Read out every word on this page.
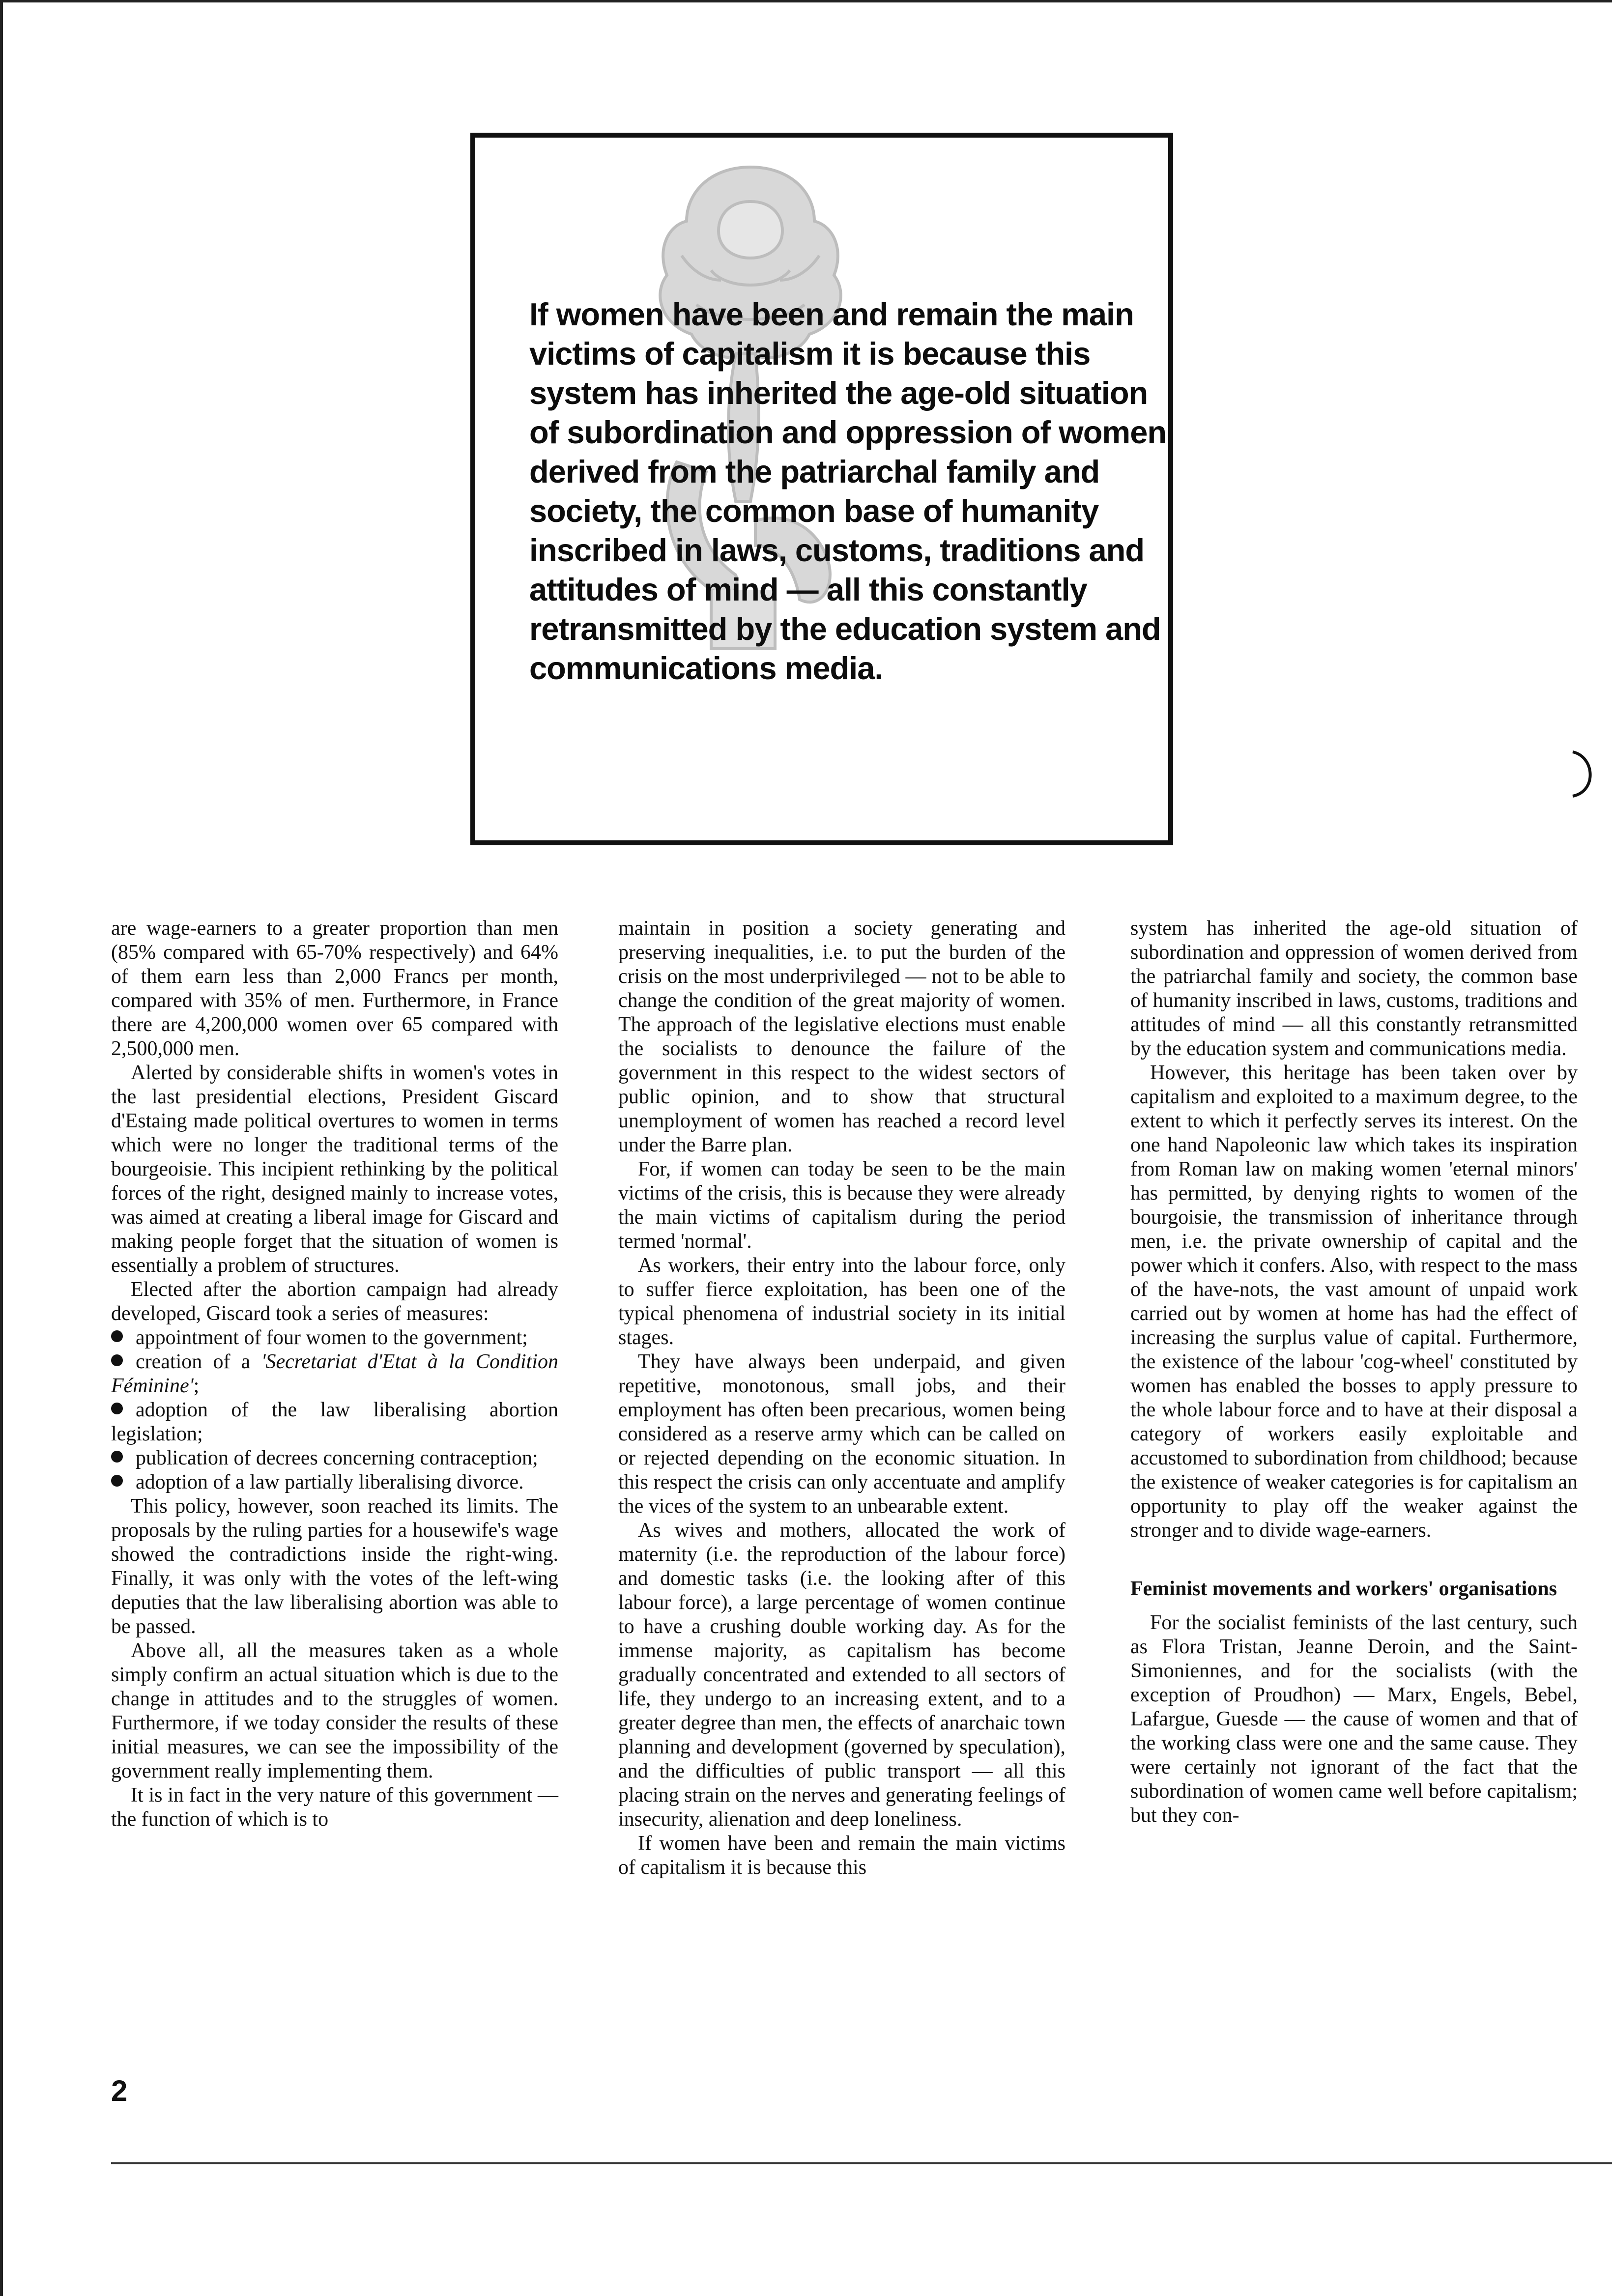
If women have been and remain the main victims of capitalism it is because this system has inherited the age-old situation of subordination and oppression of women derived from the patriarchal family and society, the common base of humanity inscribed in laws, customs, traditions and attitudes of mind — all this constantly retransmitted by the education system and communications media.

are wage-earners to a greater proportion than men (85% compared with 65-70% respectively) and 64% of them earn less than 2,000 Francs per month, compared with 35% of men. Furthermore, in France there are 4,200,000 women over 65 compared with 2,500,000 men.

Alerted by considerable shifts in women's votes in the last presidential elections, President Giscard d'Estaing made political overtures to women in terms which were no longer the traditional terms of the bourgeoisie. This incipient rethinking by the political forces of the right, designed mainly to increase votes, was aimed at creating a liberal image for Giscard and making people forget that the situation of women is essentially a problem of structures.

Elected after the abortion campaign had already developed, Giscard took a series of measures:

appointment of four women to the government;

creation of a 'Secretariat d'Etat à la Condition Féminine';

adoption of the law liberalising abortion legislation;

publication of decrees concerning contraception;

adoption of a law partially liberalising divorce.

This policy, however, soon reached its limits. The proposals by the ruling parties for a housewife's wage showed the contradictions inside the right-wing. Finally, it was only with the votes of the left-wing deputies that the law liberalising abortion was able to be passed.

Above all, all the measures taken as a whole simply confirm an actual situation which is due to the change in attitudes and to the struggles of women. Furthermore, if we today consider the results of these initial measures, we can see the impossibility of the government really implementing them.

It is in fact in the very nature of this government — the function of which is to

maintain in position a society generating and preserving inequalities, i.e. to put the burden of the crisis on the most underprivileged — not to be able to change the condition of the great majority of women. The approach of the legislative elections must enable the socialists to denounce the failure of the government in this respect to the widest sectors of public opinion, and to show that structural unemployment of women has reached a record level under the Barre plan.

For, if women can today be seen to be the main victims of the crisis, this is because they were already the main victims of capitalism during the period termed 'normal'.

As workers, their entry into the labour force, only to suffer fierce exploitation, has been one of the typical phenomena of industrial society in its initial stages.

They have always been underpaid, and given repetitive, monotonous, small jobs, and their employment has often been precarious, women being considered as a reserve army which can be called on or rejected depending on the economic situation. In this respect the crisis can only accentuate and amplify the vices of the system to an unbearable extent.

As wives and mothers, allocated the work of maternity (i.e. the reproduction of the labour force) and domestic tasks (i.e. the looking after of this labour force), a large percentage of women continue to have a crushing double working day. As for the immense majority, as capitalism has become gradually concentrated and extended to all sectors of life, they undergo to an increasing extent, and to a greater degree than men, the effects of anarchaic town planning and development (governed by speculation), and the difficulties of public transport — all this placing strain on the nerves and generating feelings of insecurity, alienation and deep loneliness.

If women have been and remain the main victims of capitalism it is because this

system has inherited the age-old situation of subordination and oppression of women derived from the patriarchal family and society, the common base of humanity inscribed in laws, customs, traditions and attitudes of mind — all this constantly retransmitted by the education system and communications media.

However, this heritage has been taken over by capitalism and exploited to a maximum degree, to the extent to which it perfectly serves its interest. On the one hand Napoleonic law which takes its inspiration from Roman law on making women 'eternal minors' has permitted, by denying rights to women of the bourgoisie, the transmission of inheritance through men, i.e. the private ownership of capital and the power which it confers. Also, with respect to the mass of the have-nots, the vast amount of unpaid work carried out by women at home has had the effect of increasing the surplus value of capital. Furthermore, the existence of the labour 'cog-wheel' constituted by women has enabled the bosses to apply pressure to the whole labour force and to have at their disposal a category of workers easily exploitable and accustomed to subordination from childhood; because the existence of weaker categories is for capitalism an opportunity to play off the weaker against the stronger and to divide wage-earners.

Feminist movements and workers' organisations

For the socialist feminists of the last century, such as Flora Tristan, Jeanne Deroin, and the Saint-Simoniennes, and for the socialists (with the exception of Proudhon) — Marx, Engels, Bebel, Lafargue, Guesde — the cause of women and that of the working class were one and the same cause. They were certainly not ignorant of the fact that the subordination of women came well before capitalism; but they con-

2
